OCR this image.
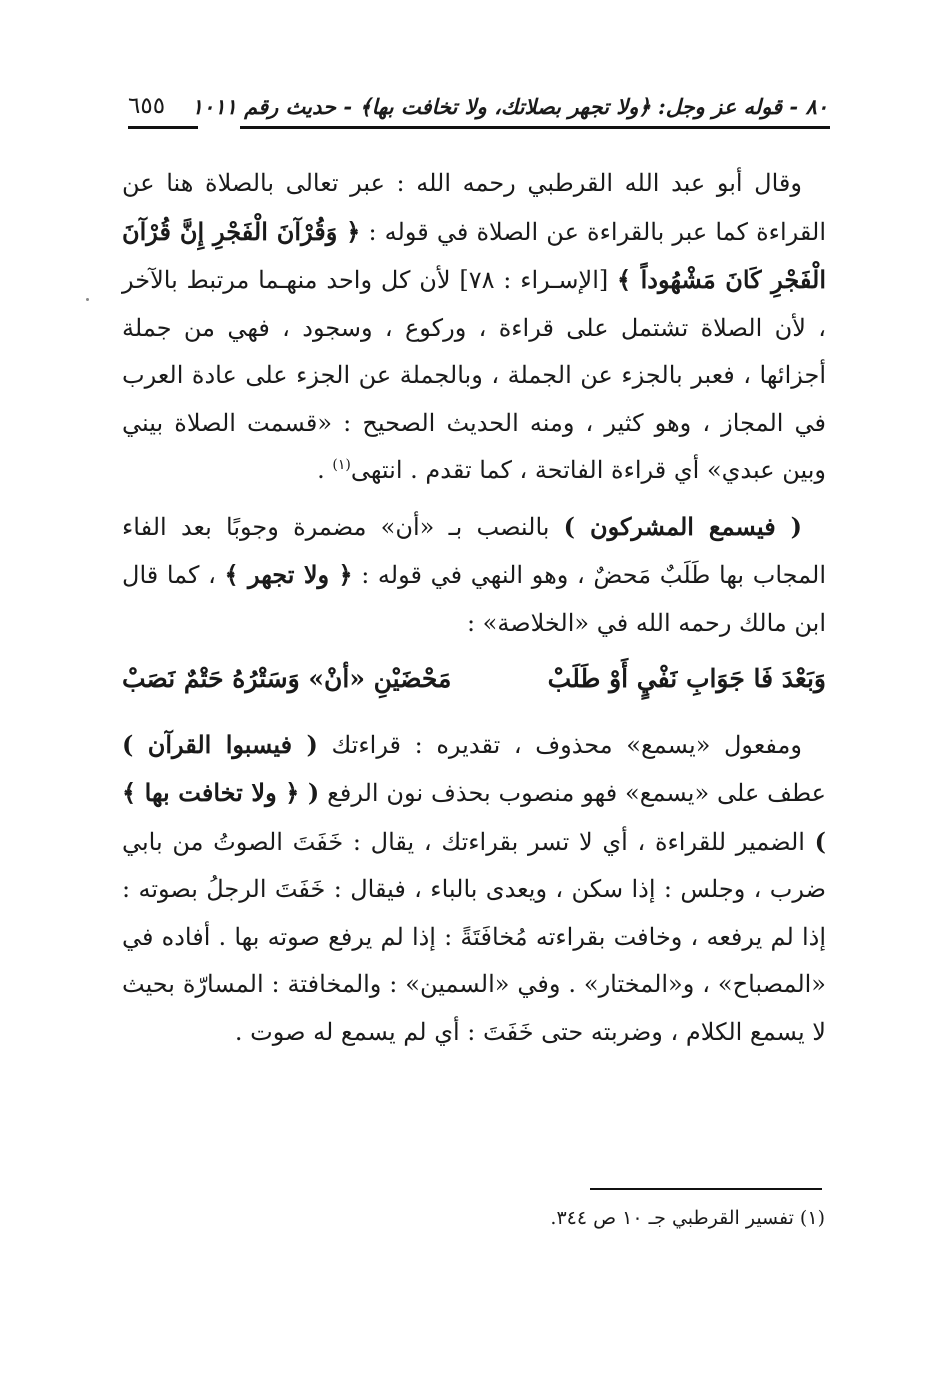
٨٠ - قوله عز وجل: ﴿ولا تجهر بصلاتك، ولا تخافت بها﴾ - حديث رقم ١٠١١
٦٥٥

وقال أبو عبد الله القرطبي رحمه الله : عبر تعالى بالصلاة هنا عن القراءة كما عبر بالقراءة عن الصلاة في قوله : ﴿ وَقُرْآنَ الْفَجْرِ إِنَّ قُرْآنَ الْفَجْرِ كَانَ مَشْهُوداً ﴾ [الإسـراء : ٧٨] لأن كل واحد منهـما مرتبط بالآخر ، لأن الصلاة تشتمل على قراءة ، وركوع ، وسجود ، فهي من جملة أجزائها ، فعبر بالجزء عن الجملة ، وبالجملة عن الجزء على عادة العرب في المجاز ، وهو كثير ، ومنه الحديث الصحيح : «قسمت الصلاة بيني وبين عبدي» أي قراءة الفاتحة ، كما تقدم . انتهى$^{(١)}$ .

( فيسمع المشركون ) بالنصب بـ «أن» مضمرة وجوبًا بعد الفاء المجاب بها طَلَبٌ مَحضٌ ، وهو النهي في قوله : ﴿ ولا تجهر ﴾ ، كما قال ابن مالك رحمه الله في «الخلاصة» :

وَبَعْدَ فَا جَوَابِ نَفْيٍ أَوْ طَلَبْ
مَحْضَيْنِ «أنْ» وَسَتْرُهُ حَتْمٌ نَصَبْ

ومفعول «يسمع» محذوف ، تقديره : قراءتك ( فيسبوا القرآن ) عطف على «يسمع» فهو منصوب بحذف نون الرفع ( ﴿ ولا تخافت بها ﴾ ) الضمير للقراءة ، أي لا تسر بقراءتك ، يقال : خَفَتَ الصوتُ من بابي ضرب ، وجلس : إذا سكن ، ويعدى بالباء ، فيقال : خَفَتَ الرجلُ بصوته : إذا لم يرفعه ، وخافت بقراءته مُخافَتَةً : إذا لم يرفع صوته بها . أفاده في «المصباح» ، و«المختار» . وفي «السمين» : والمخافتة : المسارّة بحيث لا يسمع الكلام ، وضربته حتى خَفَتَ : أي لم يسمع له صوت .

(١) تفسير القرطبي جـ ١٠ ص ٣٤٤.
